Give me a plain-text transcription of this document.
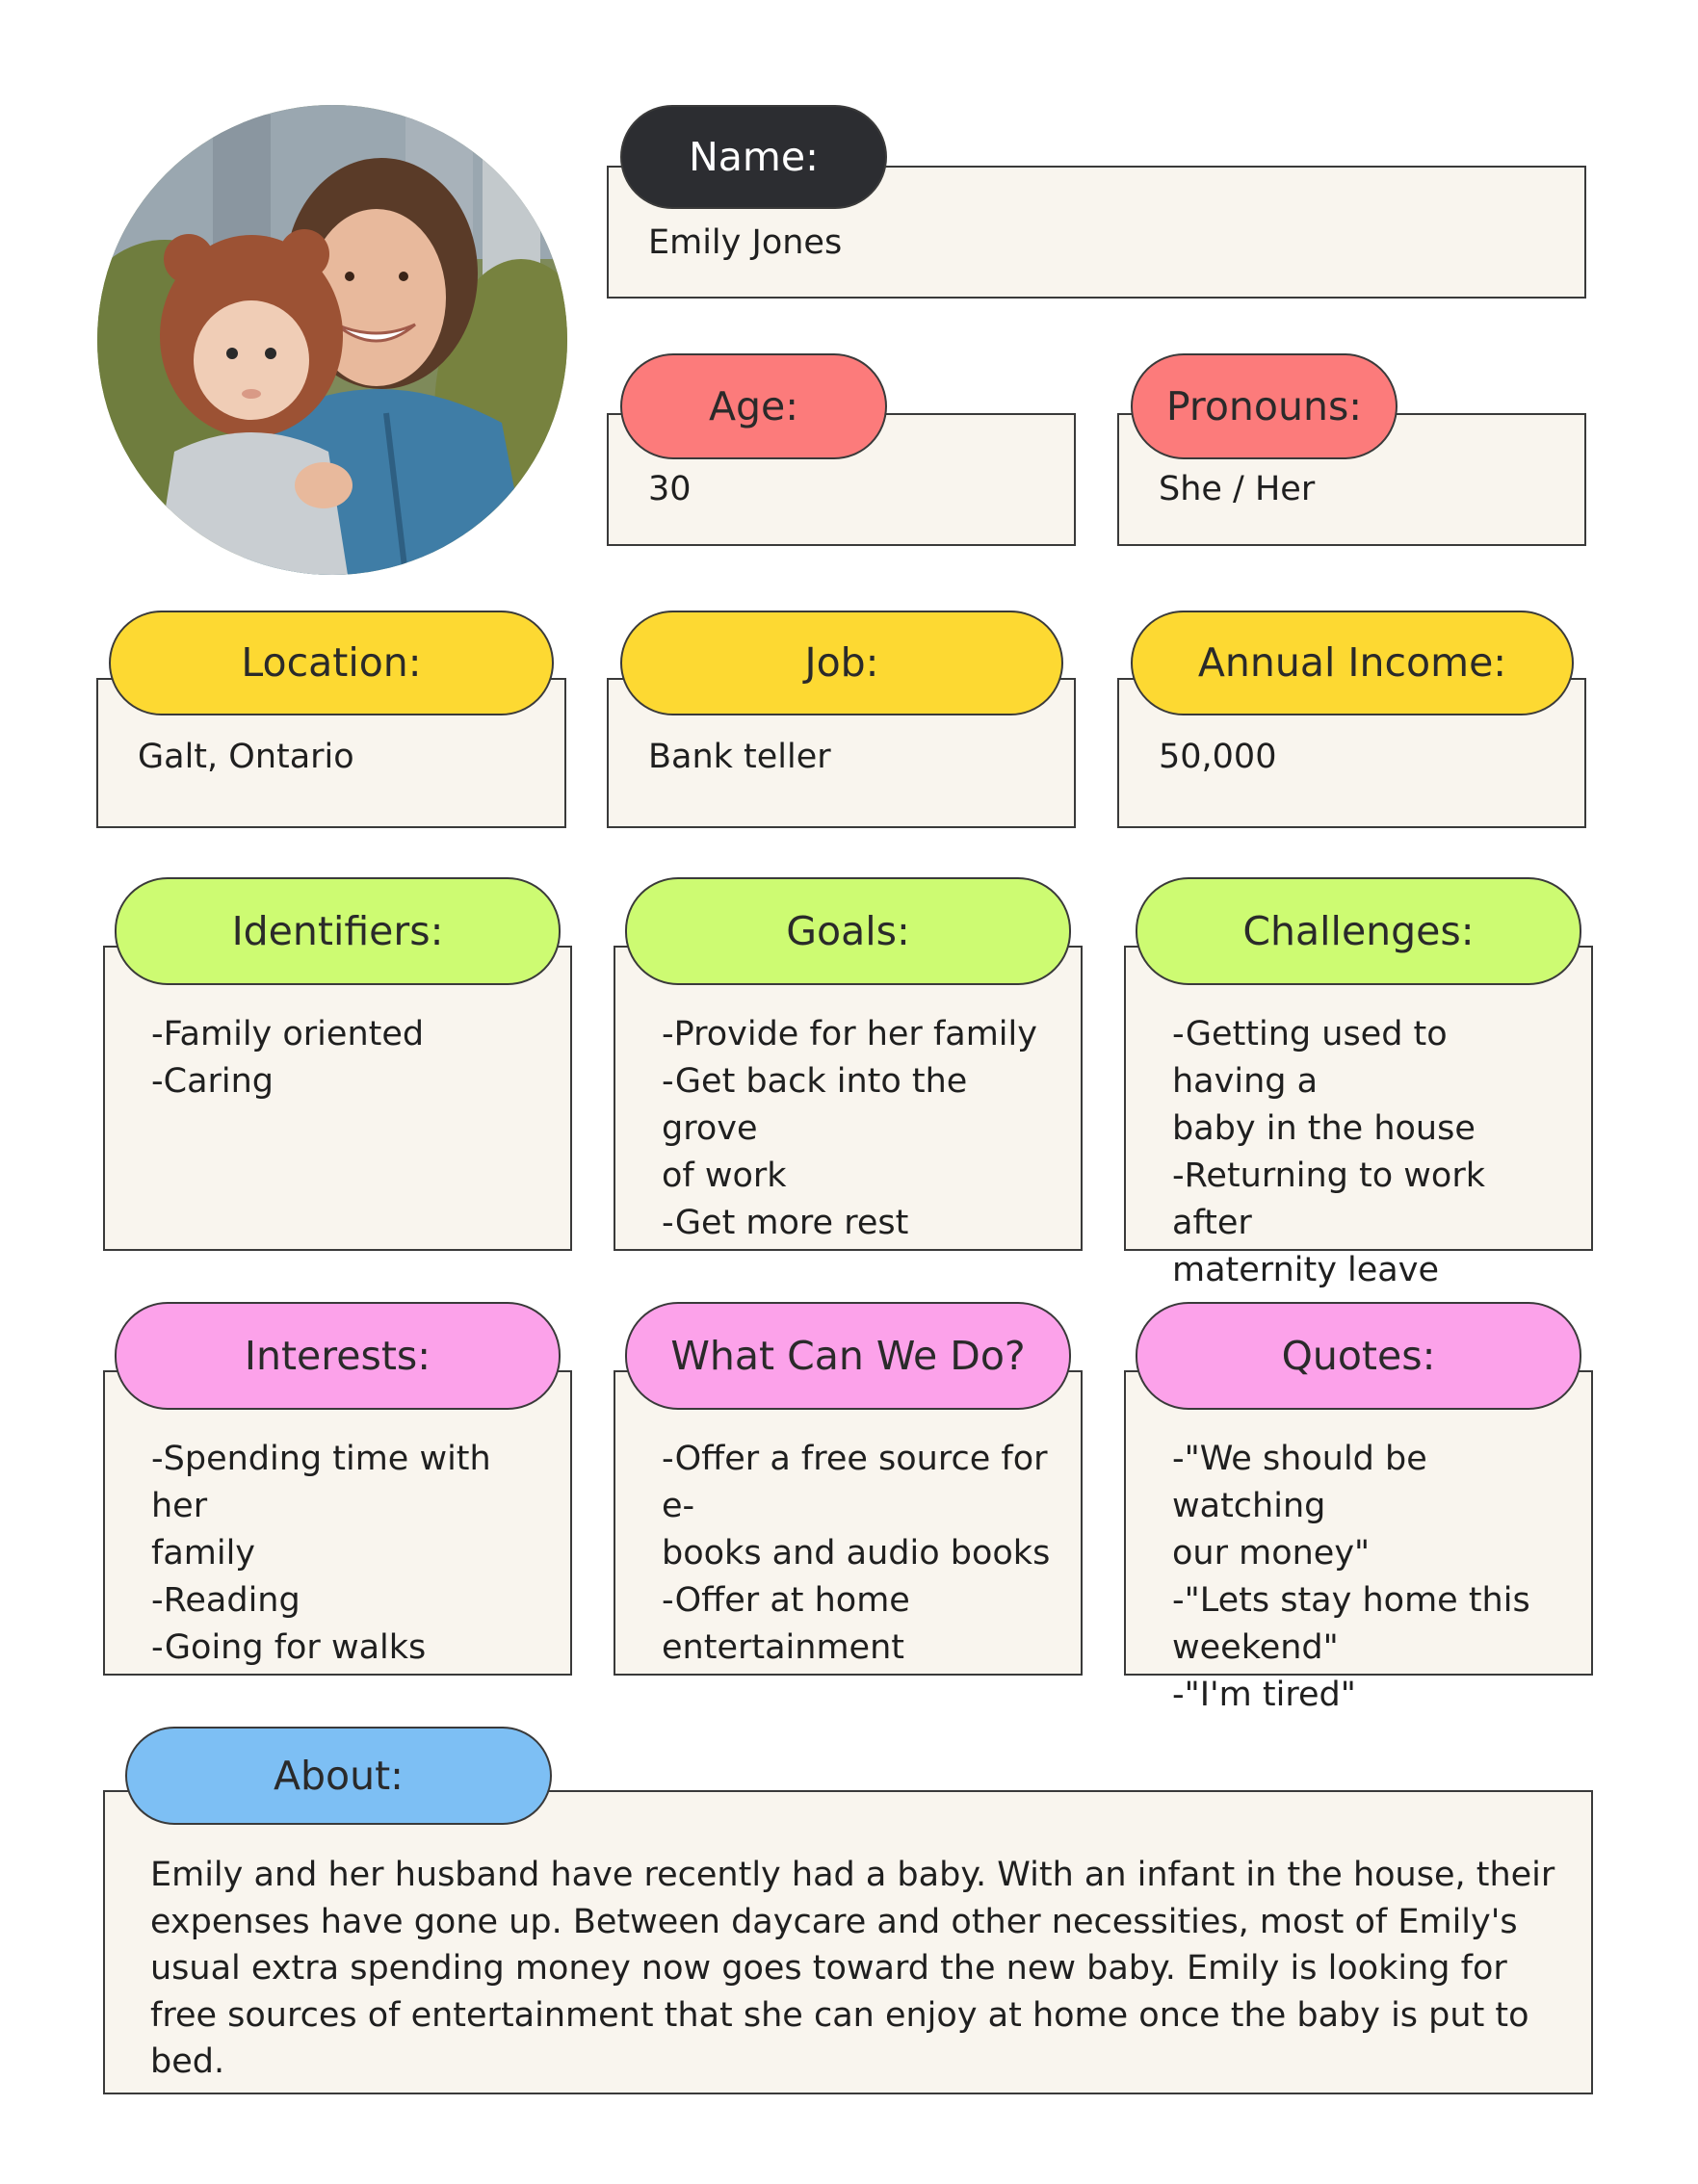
Emily Jones
Name:
30
Age:
She / Her
Pronouns:
Galt, Ontario
Location:
Bank teller
Job:
50,000
Annual Income:
-Family oriented
-Caring
Identifiers:
-Provide for her family
-Get back into the grove
of work
-Get more rest
Goals:
-Getting used to having a
baby in the house
-Returning to work after
maternity leave

Challenges:
-Spending time with her
family
-Reading
-Going for walks
Interests:
-Offer a free source for e-
books and audio books
-Offer at home
entertainment
What Can We Do?
-"We should be watching
our money"
-"Lets stay home this
weekend"
-"I'm tired"
Quotes:
Emily and her husband have recently had a baby. With an infant in the house, their expenses have gone up. Between daycare and other necessities, most of Emily's usual extra spending money now goes toward the new baby. Emily is looking for free sources of entertainment that she can enjoy at home once the baby is put to bed.
About:
